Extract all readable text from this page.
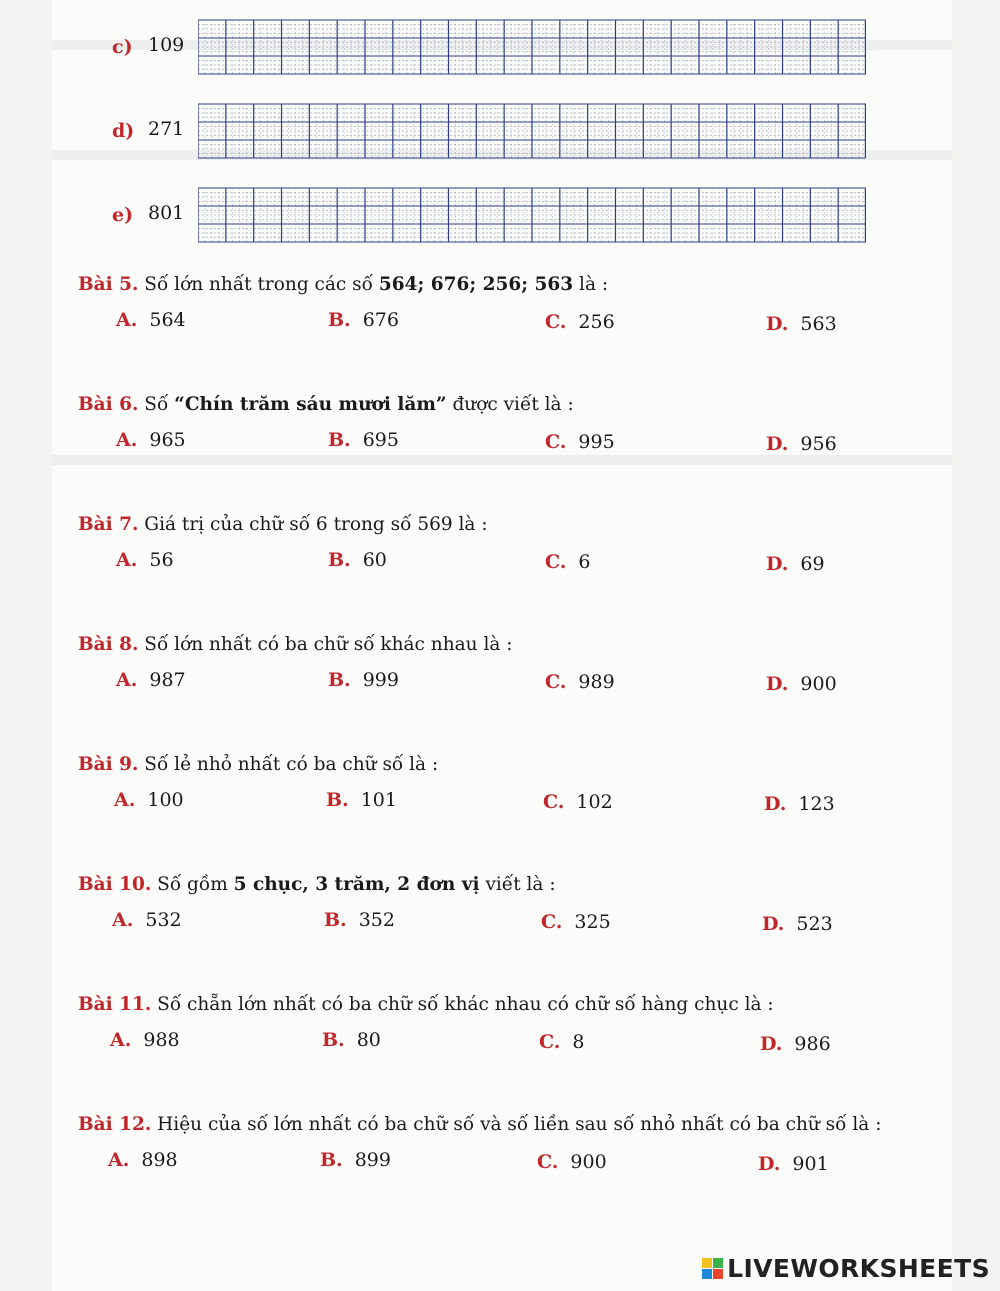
c) 109
d) 271
e) 801
Bài 5. Số lớn nhất trong các số 564; 676; 256; 563 là :
A. 564	B. 676	C. 256	D. 563
Bài 6. Số “Chín trăm sáu mươi lăm” được viết là :
A. 965	B. 695	C. 995	D. 956
Bài 7. Giá trị của chữ số 6 trong số 569 là :
A. 56	B. 60	C. 6	D. 69
Bài 8. Số lớn nhất có ba chữ số khác nhau là :
A. 987	B. 999	C. 989	D. 900
Bài 9. Số lẻ nhỏ nhất có ba chữ số là :
A. 100	B. 101	C. 102	D. 123
Bài 10. Số gồm 5 chục, 3 trăm, 2 đơn vị viết là :
A. 532	B. 352	C. 325	D. 523
Bài 11. Số chẵn lớn nhất có ba chữ số khác nhau có chữ số hàng chục là :
A. 988	B. 80	C. 8	D. 986
Bài 12. Hiệu của số lớn nhất có ba chữ số và số liền sau số nhỏ nhất có ba chữ số là :
A. 898	B. 899	C. 900	D. 901
LIVEWORKSHEETS
